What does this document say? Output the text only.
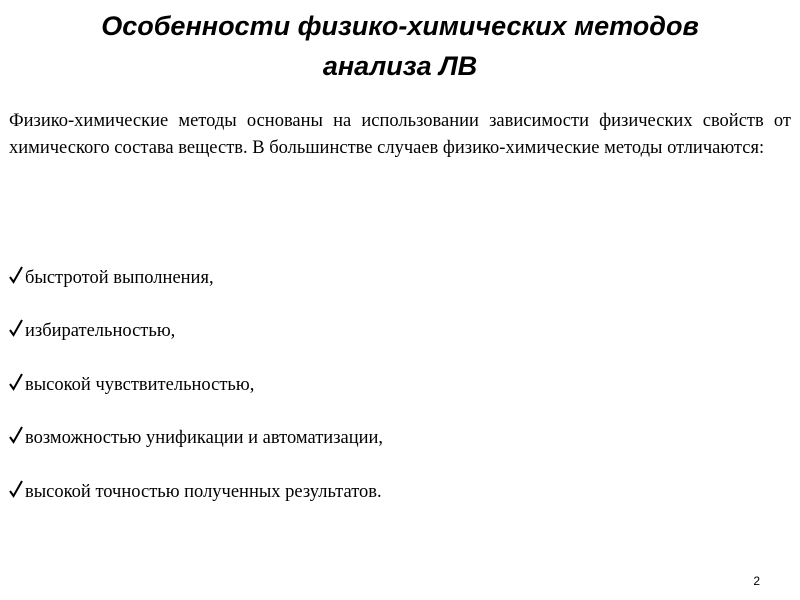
Особенности физико-химических методов
анализа ЛВ

Физико-химические методы основаны на использовании зависимости физических свойств от химического состава веществ. В большинстве случаев физико-химические методы отличаются:

быстротой выполнения,
избирательностью,
высокой чувствительностью,
возможностью унификации и автоматизации,
высокой точностью полученных результатов.
2
